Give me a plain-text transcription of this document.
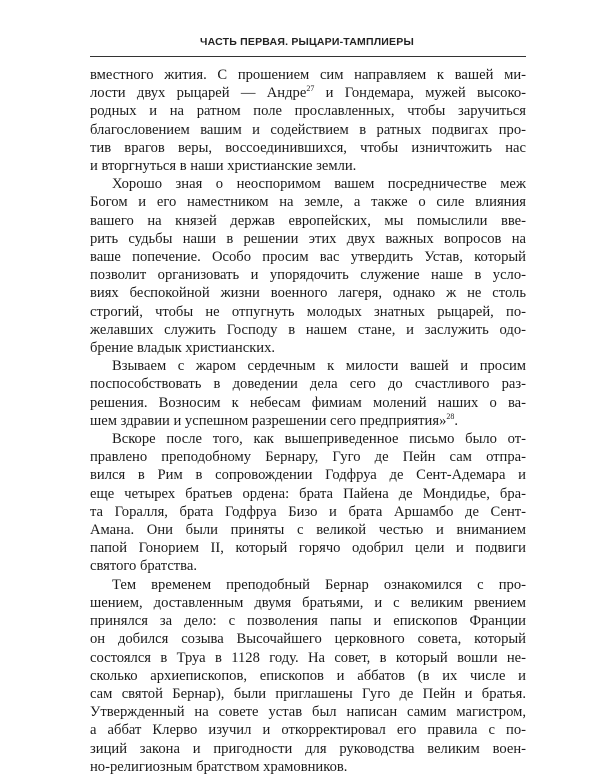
ЧАСТЬ ПЕРВАЯ. РЫЦАРИ-ТАМПЛИЕРЫ

вместного жития. С прошением сим направляем к вашей ми-
лости двух рыцарей — Андре$^{27}$ и Гондемара, мужей высоко-
родных и на ратном поле прославленных, чтобы заручиться
благословением вашим и содействием в ратных подвигах про-
тив врагов веры, воссоединившихся, чтобы изничтожить нас
и вторгнуться в наши христианские земли.

Хорошо зная о неоспоримом вашем посредничестве меж
Богом и его наместником на земле, а также о силе влияния
вашего на князей держав европейских, мы помыслили вве-
рить судьбы наши в решении этих двух важных вопросов на
ваше попечение. Особо просим вас утвердить Устав, который
позволит организовать и упорядочить служение наше в усло-
виях беспокойной жизни военного лагеря, однако ж не столь
строгий, чтобы не отпугнуть молодых знатных рыцарей, по-
желавших служить Господу в нашем стане, и заслужить одо-
брение владык христианских.

Взываем с жаром сердечным к милости вашей и просим
поспособствовать в доведении дела сего до счастливого раз-
решения. Возносим к небесам фимиам молений наших о ва-
шем здравии и успешном разрешении сего предприятия»$^{28}$.

Вскоре после того, как вышеприведенное письмо было от-
правлено преподобному Бернару, Гуго де Пейн сам отпра-
вился в Рим в сопровождении Годфруа де Сент-Адемара и
еще четырех братьев ордена: брата Пайена де Мондидье, бра-
та Горалля, брата Годфруа Бизо и брата Аршамбо де Сент-
Амана. Они были приняты с великой честью и вниманием
папой Гонорием II, который горячо одобрил цели и подвиги
святого братства.

Тем временем преподобный Бернар ознакомился с про-
шением, доставленным двумя братьями, и с великим рвением
принялся за дело: с позволения папы и епископов Франции
он добился созыва Высочайшего церковного совета, который
состоялся в Труа в 1128 году. На совет, в который вошли не-
сколько архиепископов, епископов и аббатов (в их числе и
сам святой Бернар), были приглашены Гуго де Пейн и братья.
Утвержденный на совете устав был написан самим магистром,
а аббат Клерво изучил и откорректировал его правила с по-
зиций закона и пригодности для руководства великим воен-
но-религиозным братством храмовников.
